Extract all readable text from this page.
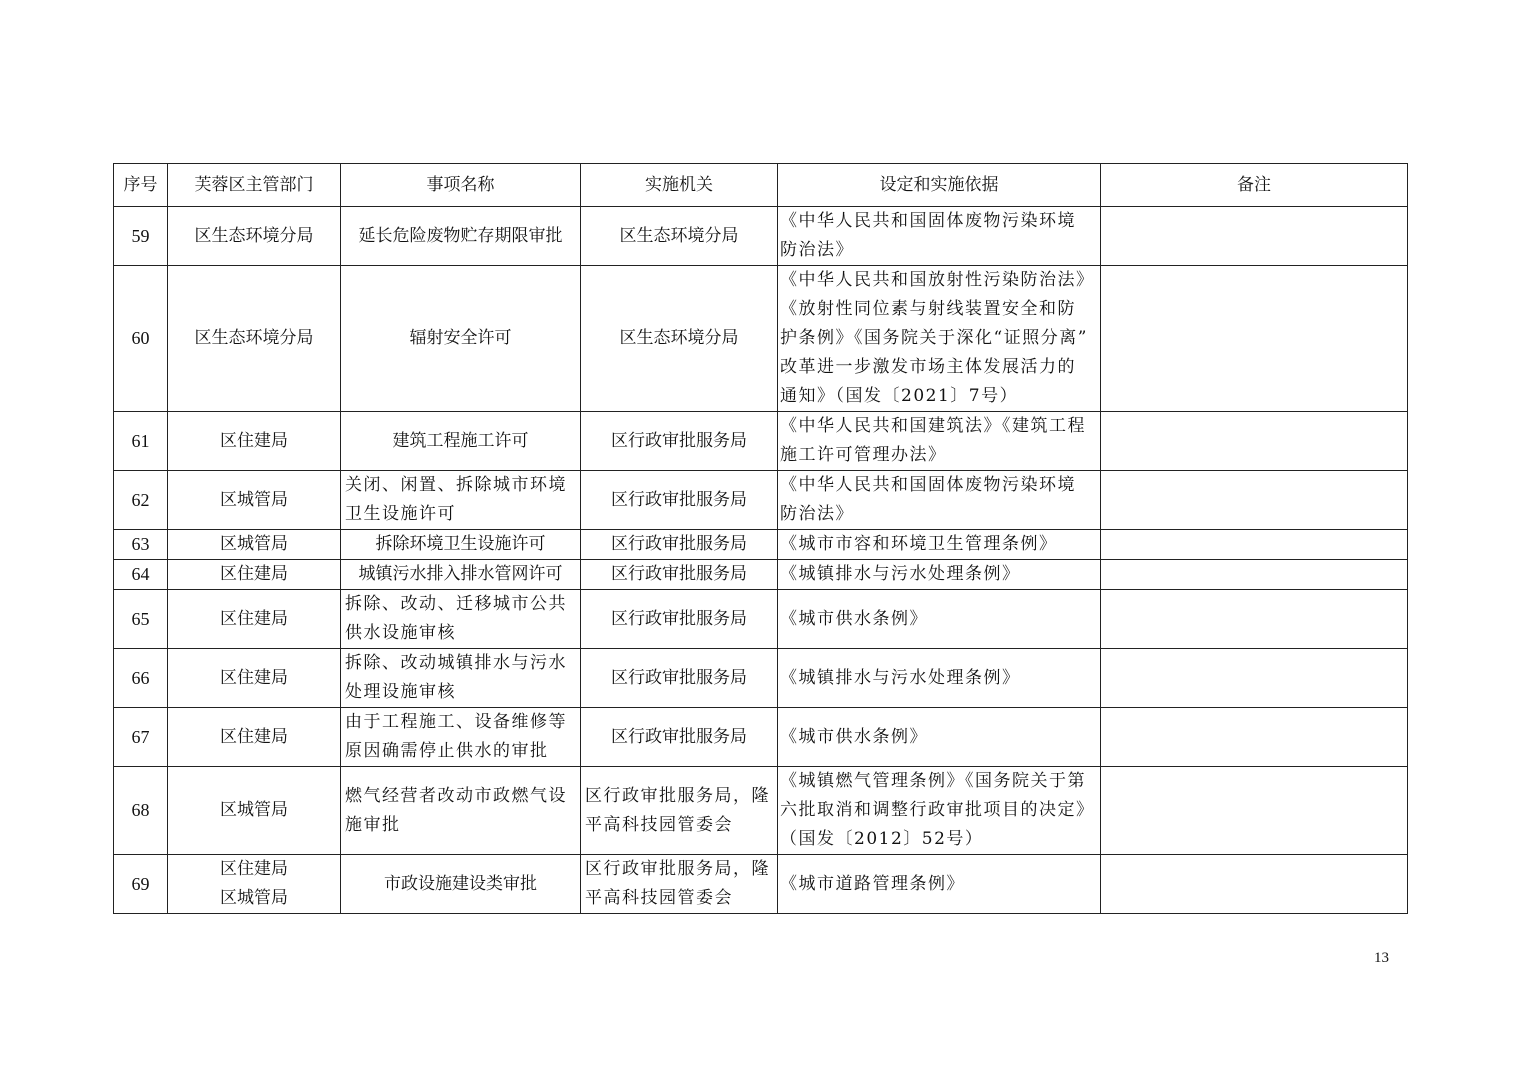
序号	芙蓉区主管部门	事项名称	实施机关	设定和实施依据	备注
59	区生态环境分局	延长危险废物贮存期限审批	区生态环境分局	《中华人民共和国固体废物污染环境
防治法》	

60	区生态环境分局	辐射安全许可	区生态环境分局	《中华人民共和国放射性污染防治法》
《放射性同位素与射线装置安全和防
护条例》《国务院关于深化“证照分离”
改革进一步激发市场主体发展活力的
通知》（国发〔2021〕7号）	

61	区住建局	建筑工程施工许可	区行政审批服务局	《中华人民共和国建筑法》《建筑工程
施工许可管理办法》	

62	区城管局	关闭、闲置、拆除城市环境
卫生设施许可	区行政审批服务局	《中华人民共和国固体废物污染环境
防治法》	

63	区城管局	拆除环境卫生设施许可	区行政审批服务局	《城市市容和环境卫生管理条例》	

64	区住建局	城镇污水排入排水管网许可	区行政审批服务局	《城镇排水与污水处理条例》	

65	区住建局	拆除、改动、迁移城市公共
供水设施审核	区行政审批服务局	《城市供水条例》	

66	区住建局	拆除、改动城镇排水与污水
处理设施审核	区行政审批服务局	《城镇排水与污水处理条例》	

67	区住建局	由于工程施工、设备维修等
原因确需停止供水的审批	区行政审批服务局	《城市供水条例》	

68	区城管局	燃气经营者改动市政燃气设
施审批	区行政审批服务局，隆
平高科技园管委会	《城镇燃气管理条例》《国务院关于第
六批取消和调整行政审批项目的决定》
（国发〔2012〕52号）	

69	区住建局
区城管局	市政设施建设类审批	区行政审批服务局，隆
平高科技园管委会	《城市道路管理条例》	

13
